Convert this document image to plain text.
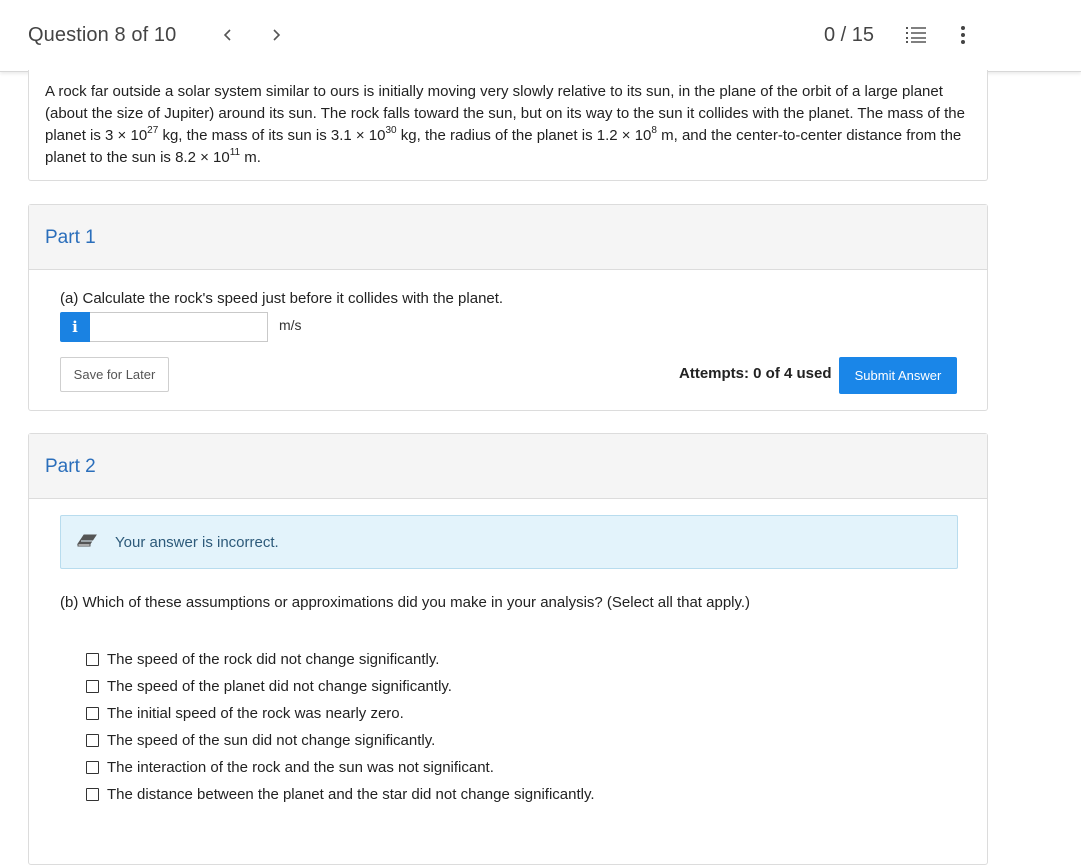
Question 8 of 10	0 / 15
A rock far outside a solar system similar to ours is initially moving very slowly relative to its sun, in the plane of the orbit of a large planet (about the size of Jupiter) around its sun. The rock falls toward the sun, but on its way to the sun it collides with the planet. The mass of the planet is $3 \times 10^{27}$ kg, the mass of its sun is $3.1 \times 10^{30}$ kg, the radius of the planet is $1.2 \times 10^8$ m, and the center-to-center distance from the planet to the sun is $8.2 \times 10^{11}$ m.
Part 1
(a) Calculate the rock's speed just before it collides with the planet.
i	m/s
Save for Later	Attempts: 0 of 4 used	Submit Answer
Part 2
Your answer is incorrect.
(b) Which of these assumptions or approximations did you make in your analysis? (Select all that apply.)
The speed of the rock did not change significantly.
The speed of the planet did not change significantly.
The initial speed of the rock was nearly zero.
The speed of the sun did not change significantly.
The interaction of the rock and the sun was not significant.
The distance between the planet and the star did not change significantly.
